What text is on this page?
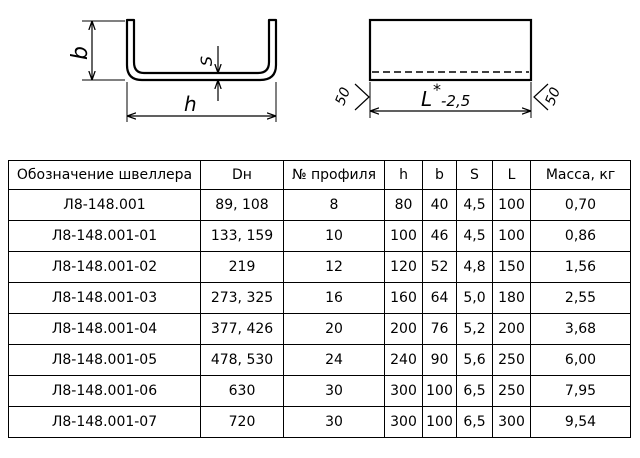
b
S
h	L *
-2,5
50	50
Обозначение швеллера	Dн	№ профиля	h	b	S	L	Масса, кг
Л8-148.001	89, 108	8	80	40	4,5	100	0,70
Л8-148.001-01	133, 159	10	100	46	4,5	100	0,86
Л8-148.001-02	219	12	120	52	4,8	150	1,56
Л8-148.001-03	273, 325	16	160	64	5,0	180	2,55
Л8-148.001-04	377, 426	20	200	76	5,2	200	3,68
Л8-148.001-05	478, 530	24	240	90	5,6	250	6,00
Л8-148.001-06	630	30	300	100	6,5	250	7,95
Л8-148.001-07	720	30	300	100	6,5	300	9,54
